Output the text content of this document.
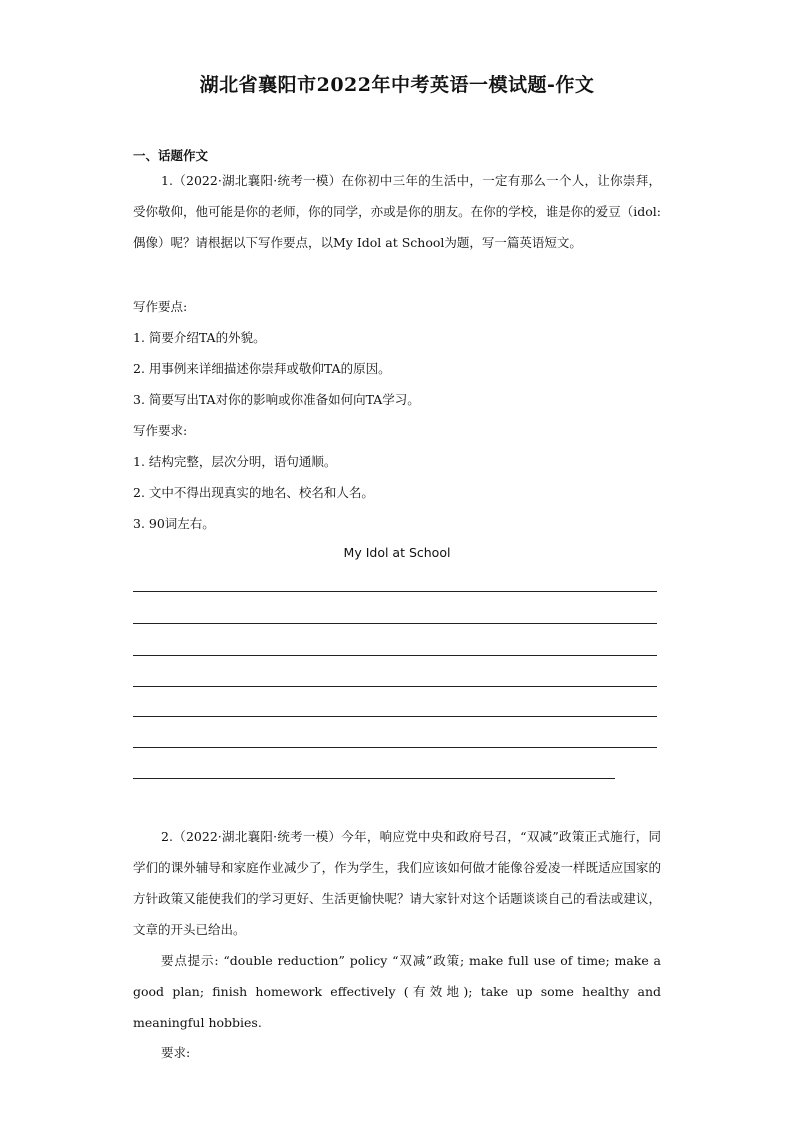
湖北省襄阳市2022年中考英语一模试题-作文
一、话题作文
1.（2022·湖北襄阳·统考一模）在你初中三年的生活中，一定有那么一个人，让你崇拜，受你敬仰，他可能是你的老师，你的同学，亦或是你的朋友。在你的学校，谁是你的爱豆（idol:偶像）呢？请根据以下写作要点，以My Idol at School为题，写一篇英语短文。
写作要点:
1. 简要介绍TA的外貌。
2. 用事例来详细描述你崇拜或敬仰TA的原因。
3. 简要写出TA对你的影响或你准备如何向TA学习。
写作要求:
1. 结构完整，层次分明，语句通顺。
2. 文中不得出现真实的地名、校名和人名。
3. 90词左右。
My Idol at School
2.（2022·湖北襄阳·统考一模）今年，响应党中央和政府号召，“双减”政策正式施行，同学们的课外辅导和家庭作业减少了，作为学生，我们应该如何做才能像谷爱凌一样既适应国家的方针政策又能使我们的学习更好、生活更愉快呢？请大家针对这个话题谈谈自己的看法或建议，文章的开头已给出。
要点提示: “double reduction” policy “双减”政策; make full use of time; make a good plan; finish homework effectively (有效地); take up some healthy and meaningful hobbies.
要求:
